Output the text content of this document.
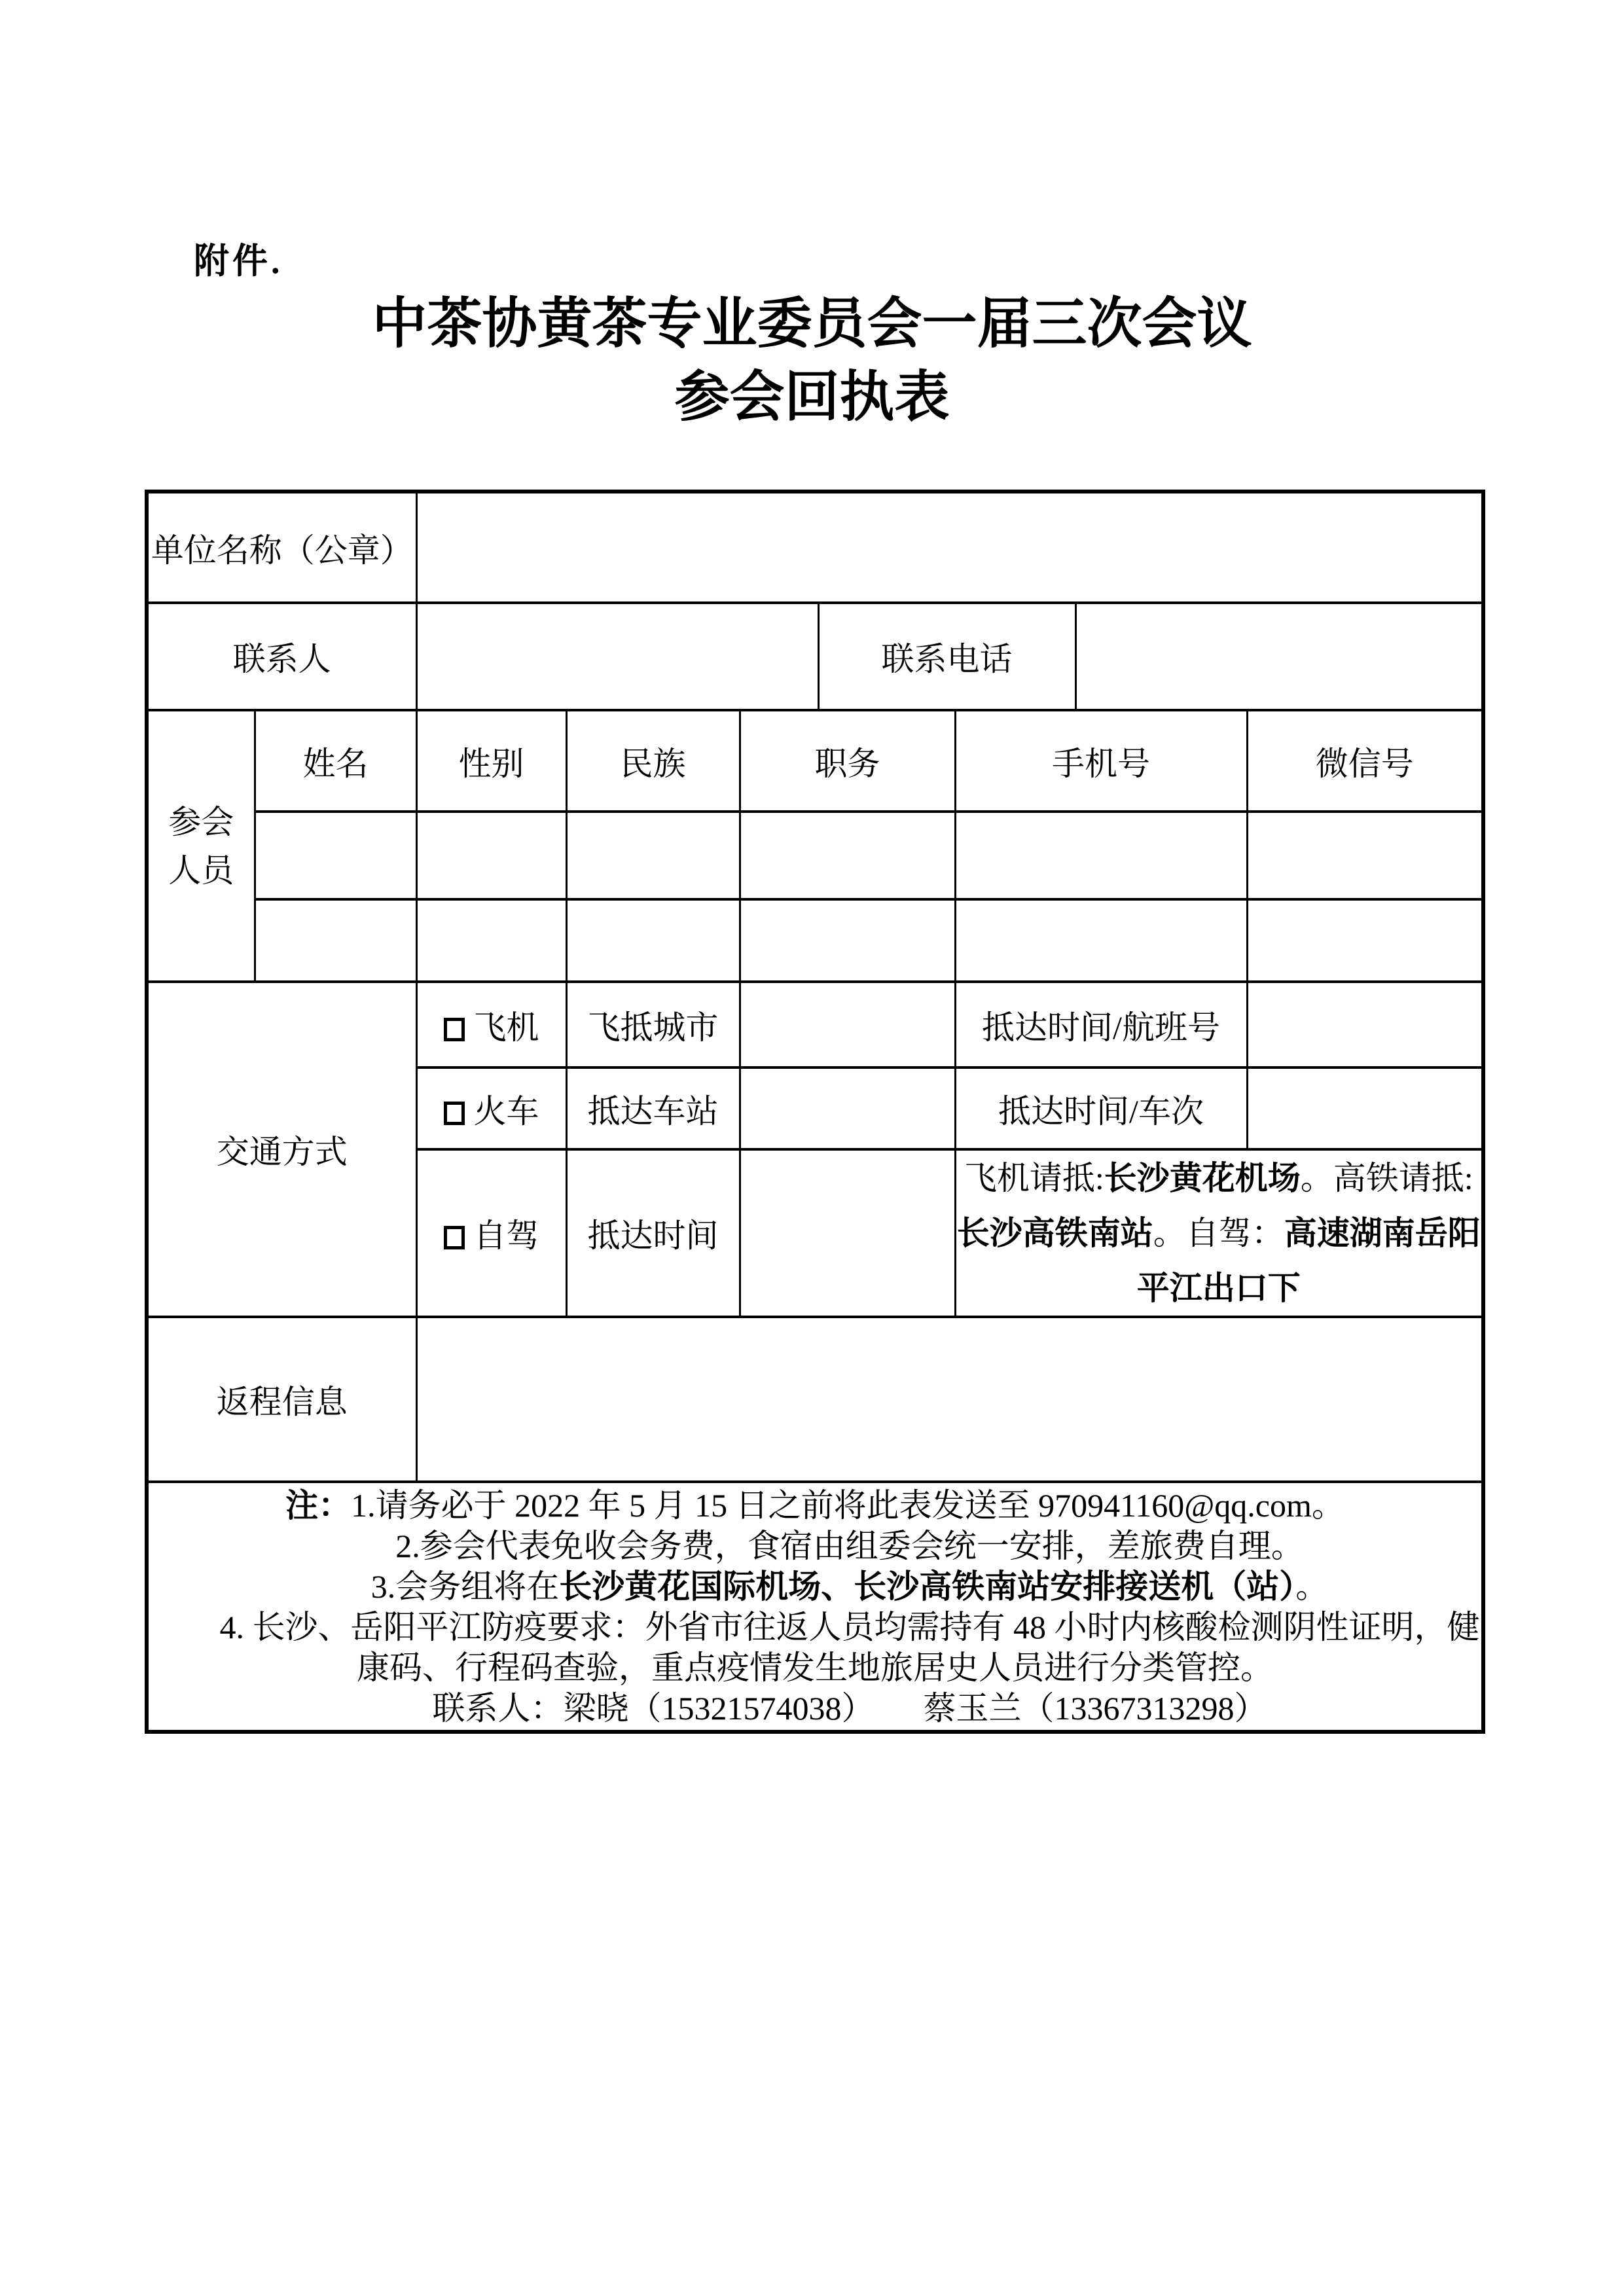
附件.
中茶协黄茶专业委员会一届三次会议
参会回执表
单位名称（公章）								
联系人					联系电话			

参会
人员	姓名	性别	民族	职务		手机号		微信号

交通方式		飞机	飞抵城市			抵达时间/航班号		
		火车	抵达车站			抵达时间/车次		
		自驾	抵达时间			飞机请抵:长沙黄花机场。高铁请抵:长沙高铁南站。自驾：高速湖南岳阳平江出口下		
返程信息								

注：1.请务必于 2022 年 5 月 15 日之前将此表发送至 970941160@qq.com。
2.参会代表免收会务费，食宿由组委会统一安排，差旅费自理。
3.会务组将在长沙黄花国际机场、长沙高铁南站安排接送机（站）。
4. 长沙、岳阳平江防疫要求：外省市往返人员均需持有 48 小时内核酸检测阴性证明，健康码、行程码查验，重点疫情发生地旅居史人员进行分类管控。
联系人：梁晓（15321574038）　　蔡玉兰（13367313298）								
